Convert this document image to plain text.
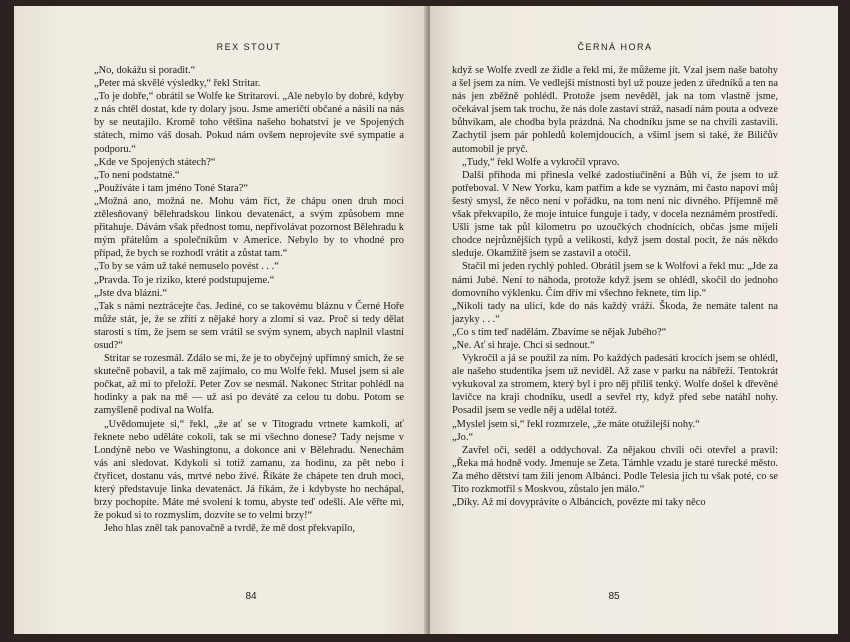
REX STOUT

„No, dokážu si poradit.“

„Peter má skvělé výsledky,“ řekl Stritar.

„To je dobře,“ obrátil se Wolfe ke Stritarovi. „Ale nebylo by dobré, kdyby z nás chtěl dostat, kde ty dolary jsou. Jsme američtí občané a násilí na nás by se neutajilo. Kromě toho většina našeho bohatství je ve Spojených státech, mimo váš dosah. Pokud nám ovšem neprojevíte své sympatie a podporu.“

„Kde ve Spojených státech?“

„To není podstatné.“

„Používáte i tam jméno Toné Stara?“

„Možná ano, možná ne. Mohu vám říct, že chápu onen druh moci ztělesňovaný bělehradskou linkou devatenáct, a svým způsobem mne přitahuje. Dávám však přednost tomu, nepřivolávat pozornost Bělehradu k mým přátelům a společníkům v Americe. Nebylo by to vhodné pro případ, že bych se rozhodl vrátit a zůstat tam.“

„To by se vám už také nemuselo povést . . .“

„Pravda. To je riziko, které podstupujeme.“

„Jste dva blázni.“

„Tak s námi neztrácejte čas. Jediné, co se takovému bláznu v Černé Hoře může stát, je, že se zřítí z nějaké hory a zlomí si vaz. Proč si tedy dělat starosti s tím, že jsem se sem vrátil se svým synem, abych naplnil vlastní osud?“

Stritar se rozesmál. Zdálo se mi, že je to obyčejný upřímný smích, že se skutečně pobavil, a tak mě zajímalo, co mu Wolfe řekl. Musel jsem si ale počkat, až mi to přeloží. Peter Zov se nesmál. Nakonec Stritar pohlédl na hodinky a pak na mě — už asi po deváté za celou tu dobu. Potom se zamyšleně podíval na Wolfa.

„Uvědomujete si,“ řekl, „že ať se v Titogradu vrtnete kamkoli, ať řeknete nebo uděláte cokoli, tak se mi všechno donese? Tady nejsme v Londýně nebo ve Washingtonu, a dokonce ani v Bělehradu. Nenechám vás ani sledovat. Kdykoli si totiž zamanu, za hodinu, za pět nebo i čtyřicet, dostanu vás, mrtvé nebo živé. Říkáte že chápete ten druh moci, který představuje linka devatenáct. Já říkám, že i kdybyste ho nechápal, brzy pochopíte. Máte mé svolení k tomu, abyste teď odešli. Ale věřte mi, že pokud si to rozmyslím, dozvíte se to velmi brzy!“

Jeho hlas zněl tak panovačně a tvrdě, že mě dost překvapilo,

84
ČERNÁ HORA

když se Wolfe zvedl ze židle a řekl mi, že můžeme jít. Vzal jsem naše batohy a šel jsem za ním. Ve vedlejší místnosti byl už pouze jeden z úředníků a ten na nás jen zběžně pohlédl. Protože jsem nevěděl, jak na tom vlastně jsme, očekával jsem tak trochu, že nás dole zastaví stráž, nasadí nám pouta a odveze bůhvíkam, ale chodba byla prázdná. Na chodníku jsme se na chvíli zastavili. Zachytil jsem pár pohledů kolemjdoucích, a všiml jsem si také, že Biličův automobil je pryč.

„Tudy,“ řekl Wolfe a vykročil vpravo.

Další příhoda mi přinesla velké zadostiučinění a Bůh ví, že jsem to už potřeboval. V New Yorku, kam patřím a kde se vyznám, mi často napoví můj šestý smysl, že něco není v pořádku, na tom není nic divného. Příjemně mě však překvapilo, že moje intuice funguje i tady, v docela neznámém prostředí. Ušli jsme tak půl kilometru po uzoučkých chodnících, občas jsme míjeli chodce nejrůznějších typů a velikostí, když jsem dostal pocit, že nás někdo sleduje. Okamžitě jsem se zastavil a otočil.

Stačil mi jeden rychlý pohled. Obrátil jsem se k Wolfovi a řekl mu: „Jde za námi Jubé. Není to náhoda, protože když jsem se ohlédl, skočil do jednoho domovního výklenku. Čím dřív mi všechno řeknete, tím líp.“

„Nikoli tady na ulici, kde do nás každý vráží. Škoda, že nemáte talent na jazyky . . .“

„Co s tím teď nadělám. Zbavíme se nějak Jubého?“

„Ne. Ať si hraje. Chci si sednout.“

Vykročil a já se použil za ním. Po každých padesáti krocích jsem se ohlédl, ale našeho studentíka jsem už neviděl. Až zase v parku na nábřeží. Tentokrát vykukoval za stromem, který byl i pro něj příliš tenký. Wolfe došel k dřevěné lavičce na kraji chodníku, usedl a sevřel rty, když před sebe natáhl nohy. Posadil jsem se vedle něj a udělal totéž.

„Myslel jsem si,“ řekl rozmrzele, „že máte otužilejší nohy.“

„Jo.“

Zavřel oči, seděl a oddychoval. Za nějakou chvíli oči otevřel a pravil: „Řeka má hodně vody. Jmenuje se Zeta. Támhle vzadu je staré turecké město. Za mého dětství tam žili jenom Albánci. Podle Telesia jich tu však poté, co se Tito rozkmotřil s Moskvou, zůstalo jen málo.“

„Díky. Až mi dovyprávíte o Albáncích, povězte mi taky něco

85
